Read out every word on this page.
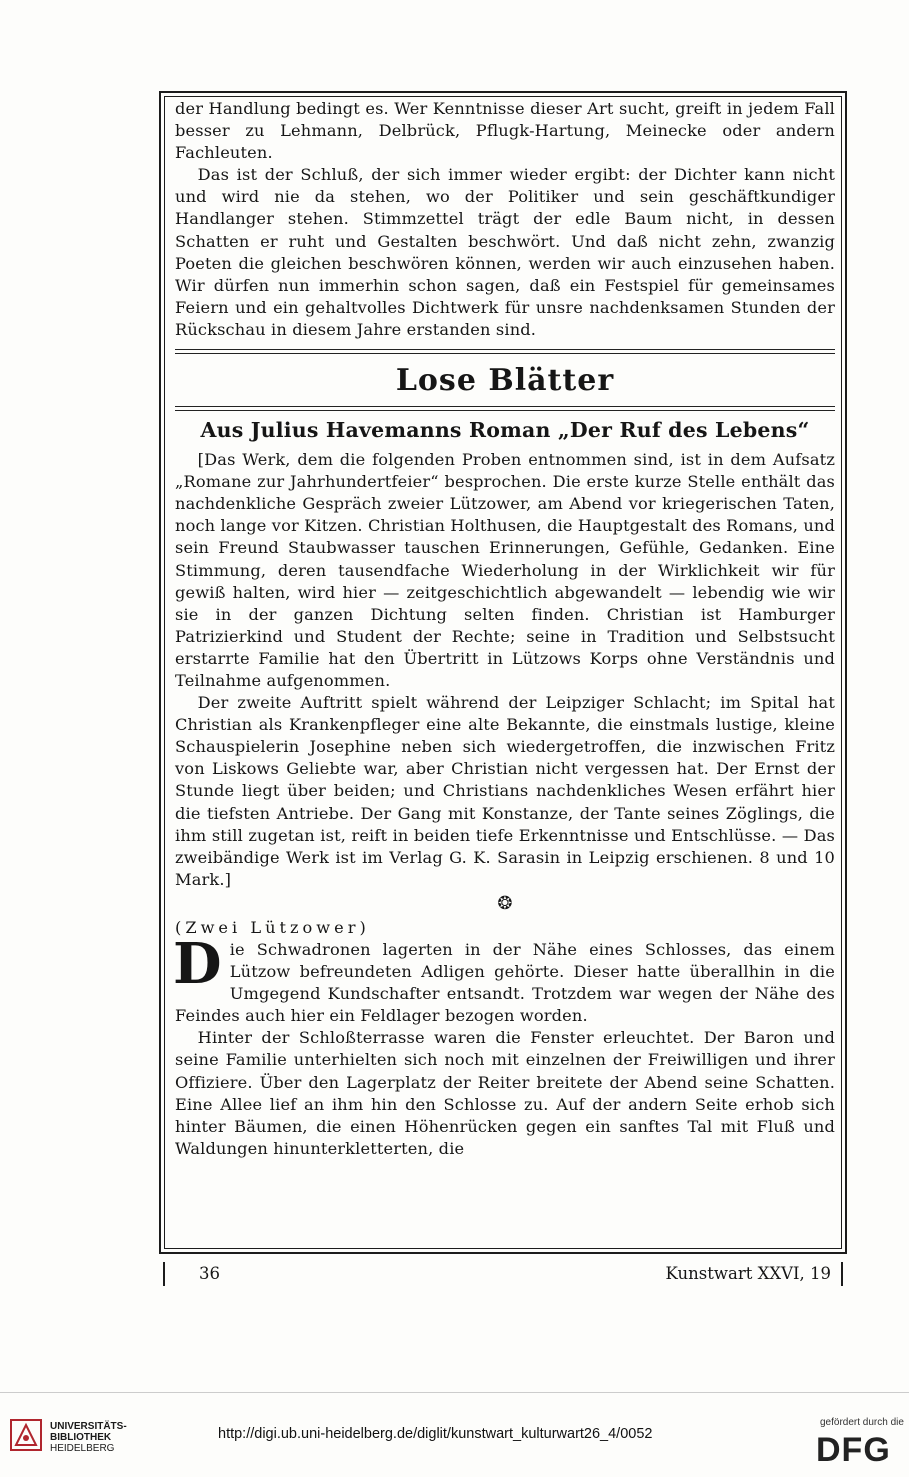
der Handlung bedingt es. Wer Kenntnisse dieser Art sucht, greift in jedem Fall besser zu Lehmann, Delbrück, Pflugk-Hartung, Meinecke oder andern Fachleuten.

Das ist der Schluß, der sich immer wieder ergibt: der Dichter kann nicht und wird nie da stehen, wo der Politiker und sein geschäftkundiger Handlanger stehen. Stimmzettel trägt der edle Baum nicht, in dessen Schatten er ruht und Gestalten beschwört. Und daß nicht zehn, zwanzig Poeten die gleichen beschwören können, werden wir auch einzusehen haben. Wir dürfen nun immerhin schon sagen, daß ein Festspiel für gemeinsames Feiern und ein gehaltvolles Dichtwerk für unsre nachdenksamen Stunden der Rückschau in diesem Jahre erstanden sind.

Lose Blätter
Aus Julius Havemanns Roman „Der Ruf des Lebens“

[Das Werk, dem die folgenden Proben entnommen sind, ist in dem Aufsatz „Romane zur Jahrhundertfeier“ besprochen. Die erste kurze Stelle enthält das nachdenkliche Gespräch zweier Lützower, am Abend vor kriegerischen Taten, noch lange vor Kitzen. Christian Holthusen, die Hauptgestalt des Romans, und sein Freund Staubwasser tauschen Erinnerungen, Gefühle, Gedanken. Eine Stimmung, deren tausendfache Wiederholung in der Wirklichkeit wir für gewiß halten, wird hier — zeitgeschichtlich abgewandelt — lebendig wie wir sie in der ganzen Dichtung selten finden. Christian ist Hamburger Patrizierkind und Student der Rechte; seine in Tradition und Selbstsucht erstarrte Familie hat den Übertritt in Lützows Korps ohne Verständnis und Teilnahme aufgenommen.

Der zweite Auftritt spielt während der Leipziger Schlacht; im Spital hat Christian als Krankenpfleger eine alte Bekannte, die einstmals lustige, kleine Schauspielerin Josephine neben sich wiedergetroffen, die inzwischen Fritz von Liskows Geliebte war, aber Christian nicht vergessen hat. Der Ernst der Stunde liegt über beiden; und Christians nachdenkliches Wesen erfährt hier die tiefsten Antriebe. Der Gang mit Konstanze, der Tante seines Zöglings, die ihm still zugetan ist, reift in beiden tiefe Erkenntnisse und Entschlüsse. — Das zweibändige Werk ist im Verlag G. K. Sarasin in Leipzig erschienen. 8 und 10 Mark.]

❂

(Zwei Lützower)

Die Schwadronen lagerten in der Nähe eines Schlosses, das einem Lützow befreundeten Adligen gehörte. Dieser hatte überallhin in die Umgegend Kundschafter entsandt. Trotzdem war wegen der Nähe des Feindes auch hier ein Feldlager bezogen worden.

Hinter der Schloßterrasse waren die Fenster erleuchtet. Der Baron und seine Familie unterhielten sich noch mit einzelnen der Freiwilligen und ihrer Offiziere. Über den Lagerplatz der Reiter breitete der Abend seine Schatten. Eine Allee lief an ihm hin den Schlosse zu. Auf der andern Seite erhob sich hinter Bäumen, die einen Höhenrücken gegen ein sanftes Tal mit Fluß und Waldungen hinunterkletterten, die

36	Kunstwart XXVI, 19
UNIVERSITÄTS-
BIBLIOTHEK
HEIDELBERG
http://digi.ub.uni-heidelberg.de/diglit/kunstwart_kulturwart26_4/0052
gefördert durch die
DFG
